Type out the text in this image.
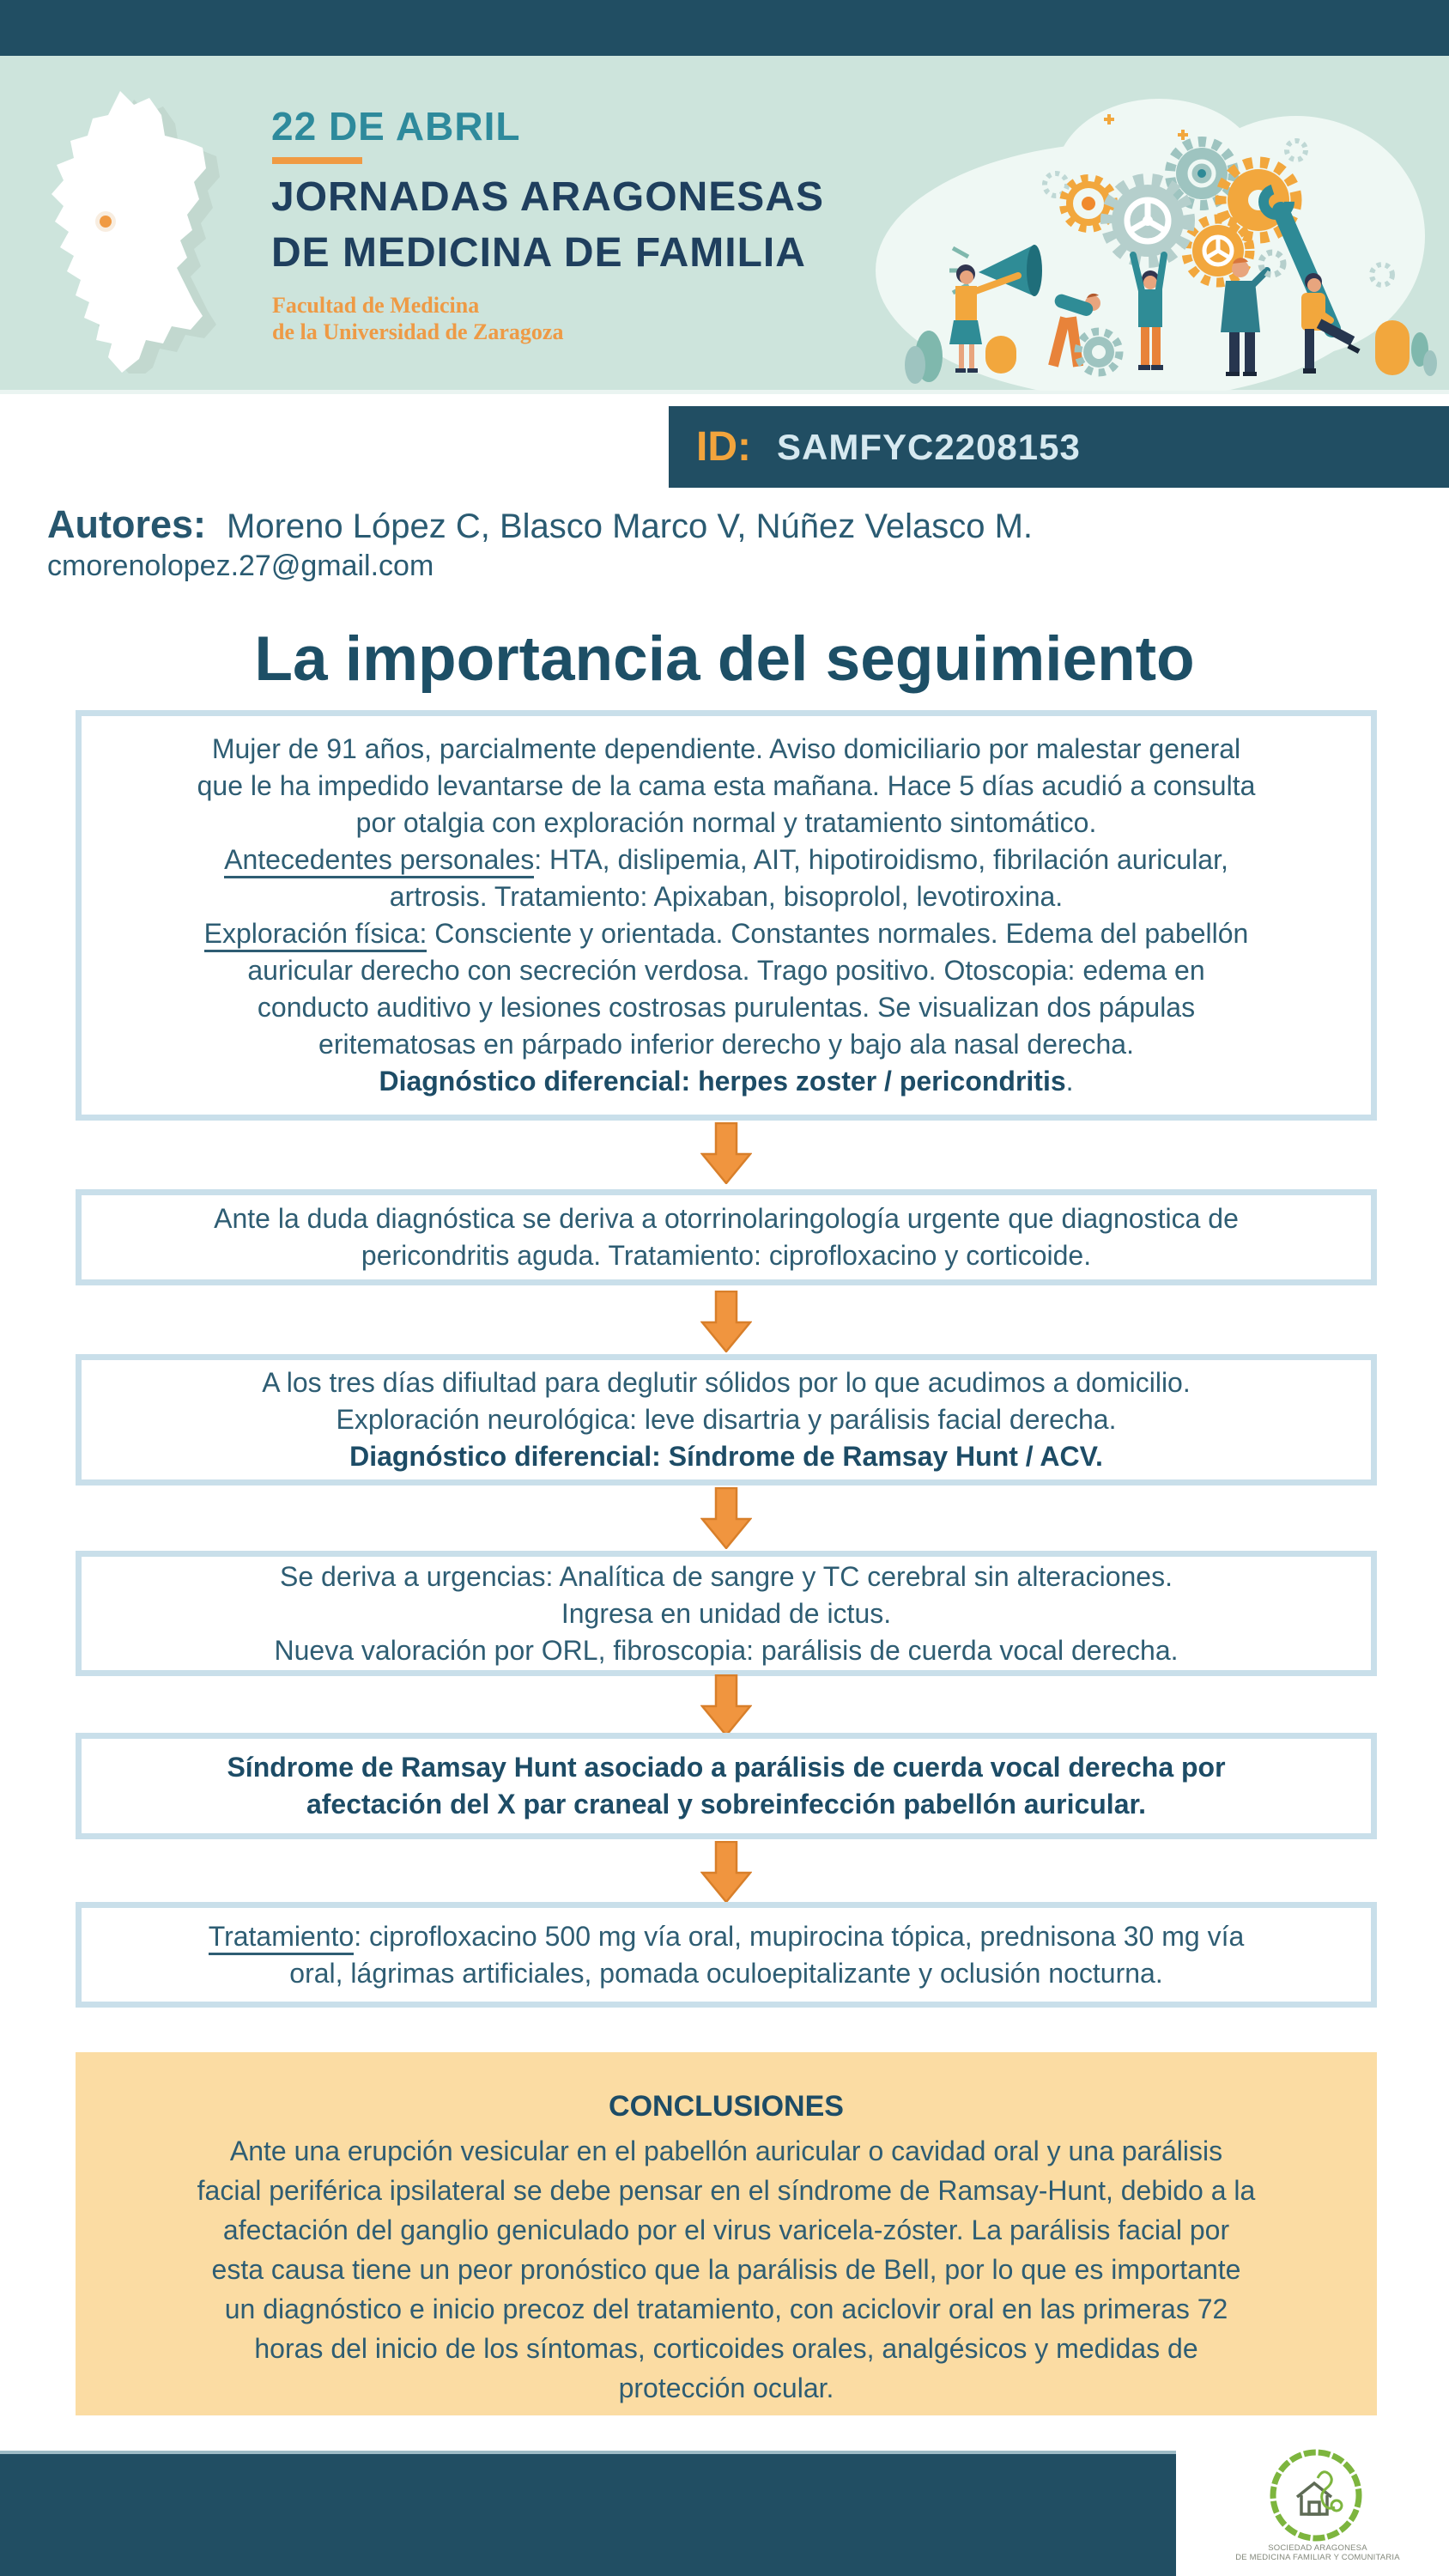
22 DE ABRIL
JORNADAS ARAGONESAS
DE MEDICINA DE FAMILIA
Facultad de Medicina
de la Universidad de Zaragoza
ID: SAMFYC2208153
Autores: Moreno López C, Blasco Marco V, Núñez Velasco M.
cmorenolopez.27@gmail.com
La importancia del seguimiento
Mujer de 91 años, parcialmente dependiente. Aviso domiciliario por malestar general
que le ha impedido levantarse de la cama esta mañana. Hace 5 días acudió a consulta
por otalgia con exploración normal y tratamiento sintomático.
Antecedentes personales: HTA, dislipemia, AIT, hipotiroidismo, fibrilación auricular,
artrosis. Tratamiento: Apixaban, bisoprolol, levotiroxina.
Exploración física: Consciente y orientada. Constantes normales. Edema del pabellón
auricular derecho con secreción verdosa. Trago positivo. Otoscopia: edema en
conducto auditivo y lesiones costrosas purulentas. Se visualizan dos pápulas
eritematosas en párpado inferior derecho y bajo ala nasal derecha.
Diagnóstico diferencial: herpes zoster / pericondritis.
Ante la duda diagnóstica se deriva a otorrinolaringología urgente que diagnostica de
pericondritis aguda. Tratamiento: ciprofloxacino y corticoide.
A los tres días difiultad para deglutir sólidos por lo que acudimos a domicilio.
Exploración neurológica: leve disartria y parálisis facial derecha.
Diagnóstico diferencial: Síndrome de Ramsay Hunt / ACV.
Se deriva a urgencias: Analítica de sangre y TC cerebral sin alteraciones.
Ingresa en unidad de ictus.
Nueva valoración por ORL, fibroscopia: parálisis de cuerda vocal derecha.
Síndrome de Ramsay Hunt asociado a parálisis de cuerda vocal derecha por
afectación del X par craneal y sobreinfección pabellón auricular.
Tratamiento: ciprofloxacino 500 mg vía oral, mupirocina tópica, prednisona 30 mg vía
oral, lágrimas artificiales, pomada oculoepitalizante y oclusión nocturna.
CONCLUSIONES
Ante una erupción vesicular en el pabellón auricular o cavidad oral y una parálisis
facial periférica ipsilateral se debe pensar en el síndrome de Ramsay-Hunt, debido a la
afectación del ganglio geniculado por el virus varicela-zóster. La parálisis facial por
esta causa tiene un peor pronóstico que la parálisis de Bell, por lo que es importante
un diagnóstico e inicio precoz del tratamiento, con aciclovir oral en las primeras 72
horas del inicio de los síntomas, corticoides orales, analgésicos y medidas de
protección ocular.
SOCIEDAD ARAGONESA
DE MEDICINA FAMILIAR Y COMUNITARIA
